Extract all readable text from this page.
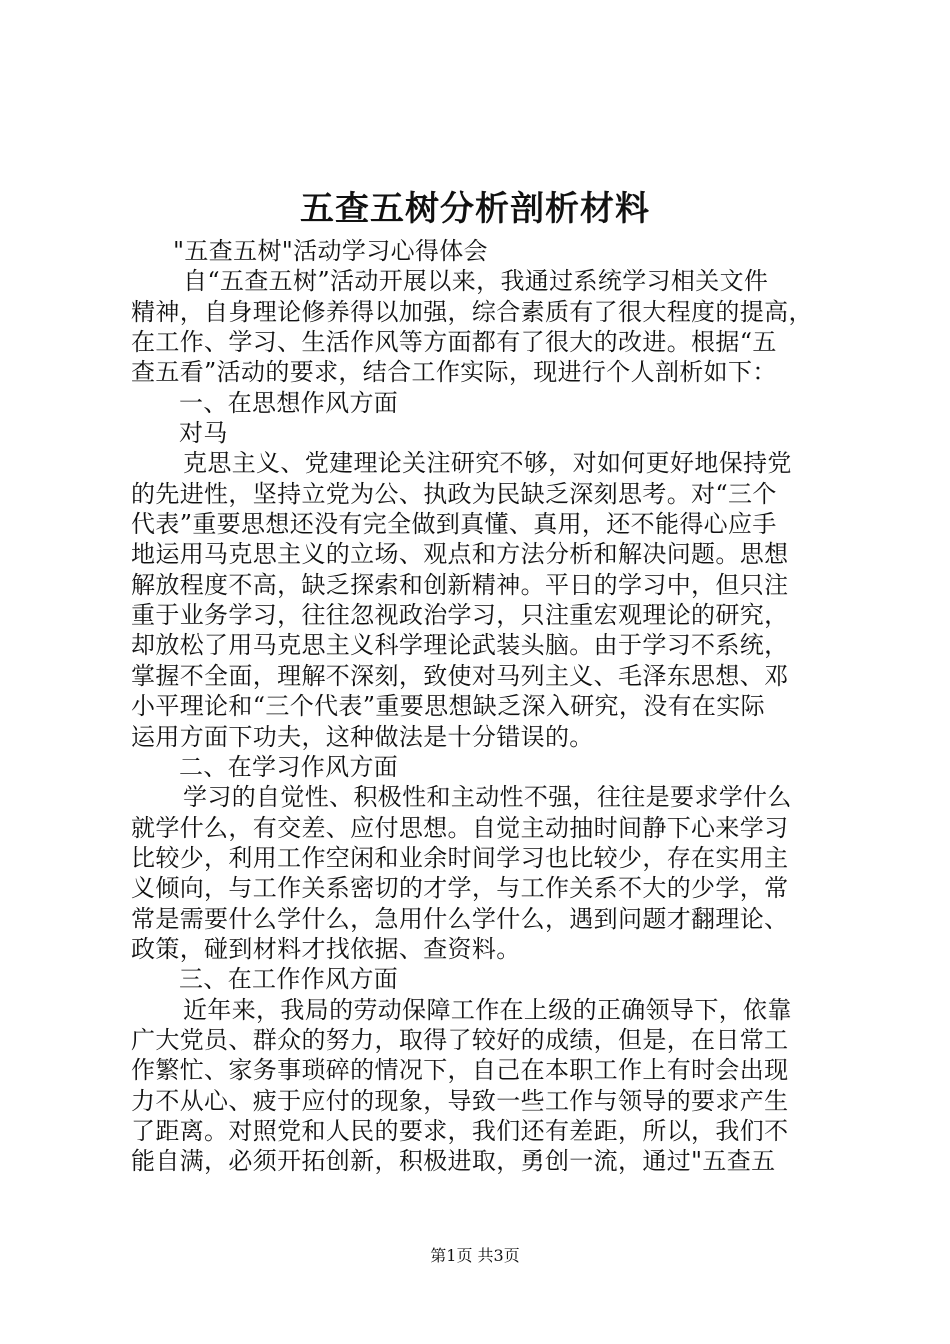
五查五树分析剖析材料
"五查五树"活动学习心得体会
自“五查五树”活动开展以来，我通过系统学习相关文件
精神，自身理论修养得以加强，综合素质有了很大程度的提高，
在工作、学习、生活作风等方面都有了很大的改进。根据“五
查五看”活动的要求，结合工作实际，现进行个人剖析如下：
一、在思想作风方面
对马
克思主义、党建理论关注研究不够，对如何更好地保持党
的先进性，坚持立党为公、执政为民缺乏深刻思考。对“三个
代表”重要思想还没有完全做到真懂、真用，还不能得心应手
地运用马克思主义的立场、观点和方法分析和解决问题。思想
解放程度不高，缺乏探索和创新精神。平日的学习中，但只注
重于业务学习，往往忽视政治学习，只注重宏观理论的研究，
却放松了用马克思主义科学理论武装头脑。由于学习不系统，
掌握不全面，理解不深刻，致使对马列主义、毛泽东思想、邓
小平理论和“三个代表”重要思想缺乏深入研究，没有在实际
运用方面下功夫，这种做法是十分错误的。
二、在学习作风方面
学习的自觉性、积极性和主动性不强，往往是要求学什么
就学什么，有交差、应付思想。自觉主动抽时间静下心来学习
比较少，利用工作空闲和业余时间学习也比较少，存在实用主
义倾向，与工作关系密切的才学，与工作关系不大的少学，常
常是需要什么学什么，急用什么学什么，遇到问题才翻理论、
政策，碰到材料才找依据、查资料。
三、在工作作风方面
近年来，我局的劳动保障工作在上级的正确领导下，依靠
广大党员、群众的努力，取得了较好的成绩，但是，在日常工
作繁忙、家务事琐碎的情况下，自己在本职工作上有时会出现
力不从心、疲于应付的现象，导致一些工作与领导的要求产生
了距离。对照党和人民的要求，我们还有差距，所以，我们不
能自满，必须开拓创新，积极进取，勇创一流，通过"五查五
第1页 共3页
